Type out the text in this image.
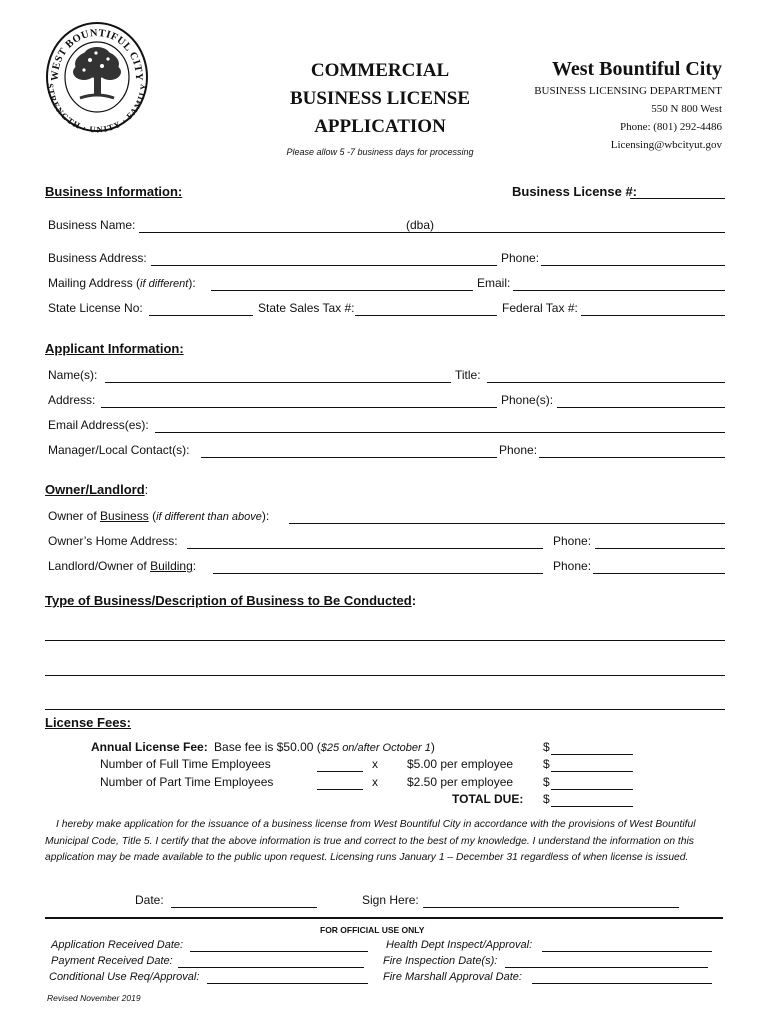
WEST BOUNTIFUL CITY
STRENGTH · UNITY · FAMILY
COMMERCIAL
BUSINESS LICENSE
APPLICATION
Please allow 5 -7 business days for processing
West Bountiful City
BUSINESS LICENSING DEPARTMENT
550 N 800 West
Phone: (801) 292-4486
Licensing@wbcityut.gov
Business Information:	Business License #:
Business Name:	(dba)
Business Address:	Phone:
Mailing Address (if different):	Email:
State License No:	State Sales Tax #:	Federal Tax #:
Applicant Information:
Name(s):	Title:
Address:	Phone(s):
Email Address(es):
Manager/Local Contact(s):	Phone:
Owner/Landlord:
Owner of Business (if different than above):
Owner’s Home Address:	Phone:
Landlord/Owner of Building:	Phone:
Type of Business/Description of Business to Be Conducted:
License Fees:
Annual License Fee: Base fee is $50.00 ($25 on/after October 1)	$
Number of Full Time Employees	x $5.00 per employee $
Number of Part Time Employees	x $2.50 per employee $
TOTAL DUE: $
I hereby make application for the issuance of a business license from West Bountiful City in accordance with the provisions of West Bountiful Municipal Code, Title 5. I certify that the above information is true and correct to the best of my knowledge. I understand the information on this application may be made available to the public upon request. Licensing runs January 1 – December 31 regardless of when license is issued.
Date:	Sign Here:
FOR OFFICIAL USE ONLY
Application Received Date:	Health Dept Inspect/Approval:
Payment Received Date:	Fire Inspection Date(s):
Conditional Use Req/Approval:	Fire Marshall Approval Date:
Revised November 2019
